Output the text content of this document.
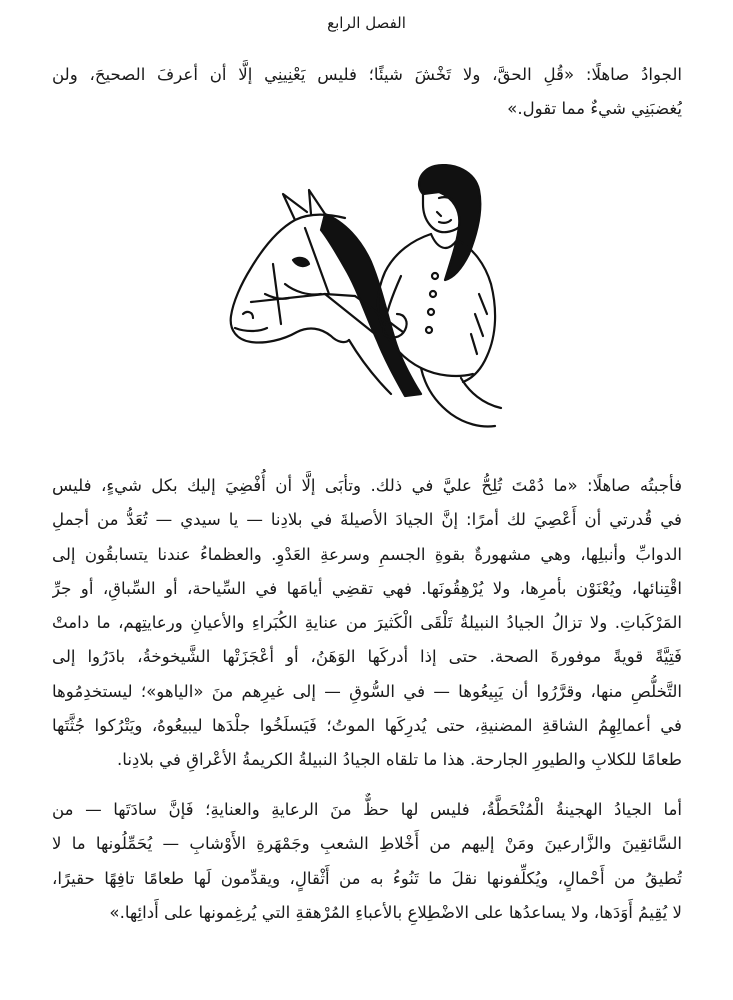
الفصل الرابع
الجوادُ صاهلًا: «قُلِ الحقَّ، ولا تَخْشَ شيئًا؛ فليس يَعْنِينِي إلَّا أن أعرفَ الصحيحَ، ولن
يُغضبَنِي شيءٌ مما تقول.»
فأجبتُه صاهلًا: «ما دُمْتَ تُلِحُّ عليَّ في ذلك. وتأبَى إلَّا أن أُفْضِيَ إليك بكل شيءٍ، فليس
في قُدرتي أن أَعْصِيَ لك أمرًا: إنَّ الجيادَ الأصيلةَ في بلادِنا — يا سيدي — تُعَدُّ من أجملِ
الدوابِّ وأنبلِها، وهي مشهورةٌ بقوةِ الجسمِ وسرعةِ العَدْوِ. والعظماءُ عندنا يتسابقُون إلى
اقْتِنائها، ويُعْنَوْن بأمرِها، ولا يُرْهِقُونَها. فهي تقضِي أيامَها في السِّياحة، أو السِّباقِ، أو جرِّ
المَرْكَباتِ. ولا تزالُ الجيادُ النبيلةُ تَلْقَى الْكَثيرَ من عنايةِ الكُبَراءِ والأعيانِ ورعايتِهم، ما دامتْ
فَتِيَّةً قويةً موفورةَ الصحة. حتى إذا أدركَها الوَهَنُ، أو أعْجَزَتْها الشَّيخوخةُ، بادَرُوا إلى
التَّخلُّصِ منها، وقرَّرُوا أن يَبِيعُوها — في السُّوقِ — إلى غيرِهم منَ «الياهو»؛ ليستخدِمُوها
في أعمالِهِمُ الشاقةِ المضنيةِ، حتى يُدرِكَها الموتُ؛ فَيَسلَخُوا جلْدَها ليبيعُوهُ، ويَتْرُكوا جُثَّتَها
طعامًا للكلابِ والطيورِ الجارحة. هذا ما تلقاه الجيادُ النبيلةُ الكريمةُ الأعْراقِ في بلادِنا.
أما الجيادُ الهجينةُ الْمُنْحَطَّةُ، فليس لها حظٌّ منَ الرعايةِ والعنايةِ؛ فَإنَّ سادَتَها — من
السَّائقِينَ والزَّارعينَ ومَنْ إليهم من أَخْلاطِ الشعبِ وجَمْهَرةِ الأَوْشابِ — يُحَمِّلُونها ما لا
تُطيقُ من أَحْمالٍ، ويُكلِّفونها نقلَ ما تَنُوءُ به من أَثْقالٍ، ويقدِّمون لَها طعامًا تافِهًا حقيرًا،
لا يُقِيمُ أَوَدَها، ولا يساعدُها على الاضْطِلاعِ بالأعباءِ المُرْهقةِ التي يُرغِمونها على أَدائِها.»
